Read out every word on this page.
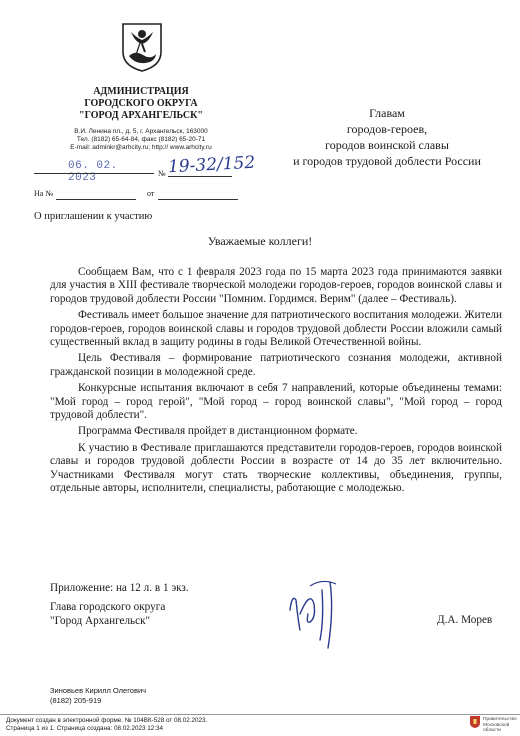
АДМИНИСТРАЦИЯ
ГОРОДСКОГО ОКРУГА
"ГОРОД АРХАНГЕЛЬСК"
В.И. Ленина пл., д. 5, г. Архангельск, 163000
Тел. (8182) 65-64-84, факс (8182) 65-20-71
E-mail: adminkr@arhcity.ru; http:// www.arhcity.ru
06. 02. 2023	№ 19-32/152
На №	от
Главам
городов-героев,
городов воинской славы
и городов трудовой доблести России
О приглашении к участию
Уважаемые коллеги!

Сообщаем Вам, что с 1 февраля 2023 года по 15 марта 2023 года принимаются заявки для участия в XIII фестивале творческой молодежи городов-героев, городов воинской славы и городов трудовой доблести России "Помним. Гордимся. Верим" (далее – Фестиваль).

Фестиваль имеет большое значение для патриотического воспитания молодежи. Жители городов-героев, городов воинской славы и городов трудовой доблести России вложили самый существенный вклад в защиту родины в годы Великой Отечественной войны.

Цель Фестиваля – формирование патриотического сознания молодежи, активной гражданской позиции в молодежной среде.

Конкурсные испытания включают в себя 7 направлений, которые объединены темами: "Мой город – город герой", "Мой город – город воинской славы", "Мой город – город трудовой доблести".

Программа Фестиваля пройдет в дистанционном формате.

К участию в Фестивале приглашаются представители городов-героев, городов воинской славы и городов трудовой доблести России в возрасте от 14 до 35 лет включительно. Участниками Фестиваля могут стать творческие коллективы, объединения, группы, отдельные авторы, исполнители, специалисты, работающие с молодежью.

Приложение: на 12 л. в 1 экз.
Глава городского округа
"Город Архангельск"	Д.А. Морев
Зиновьев Кирилл Олегович
(8182) 205-919
Документ создан в электронной форме. № 104ВК-528 от 08.02.2023.
Страница 1 из 1. Страница создана: 08.02.2023 12:34
Правительство
Московской области
